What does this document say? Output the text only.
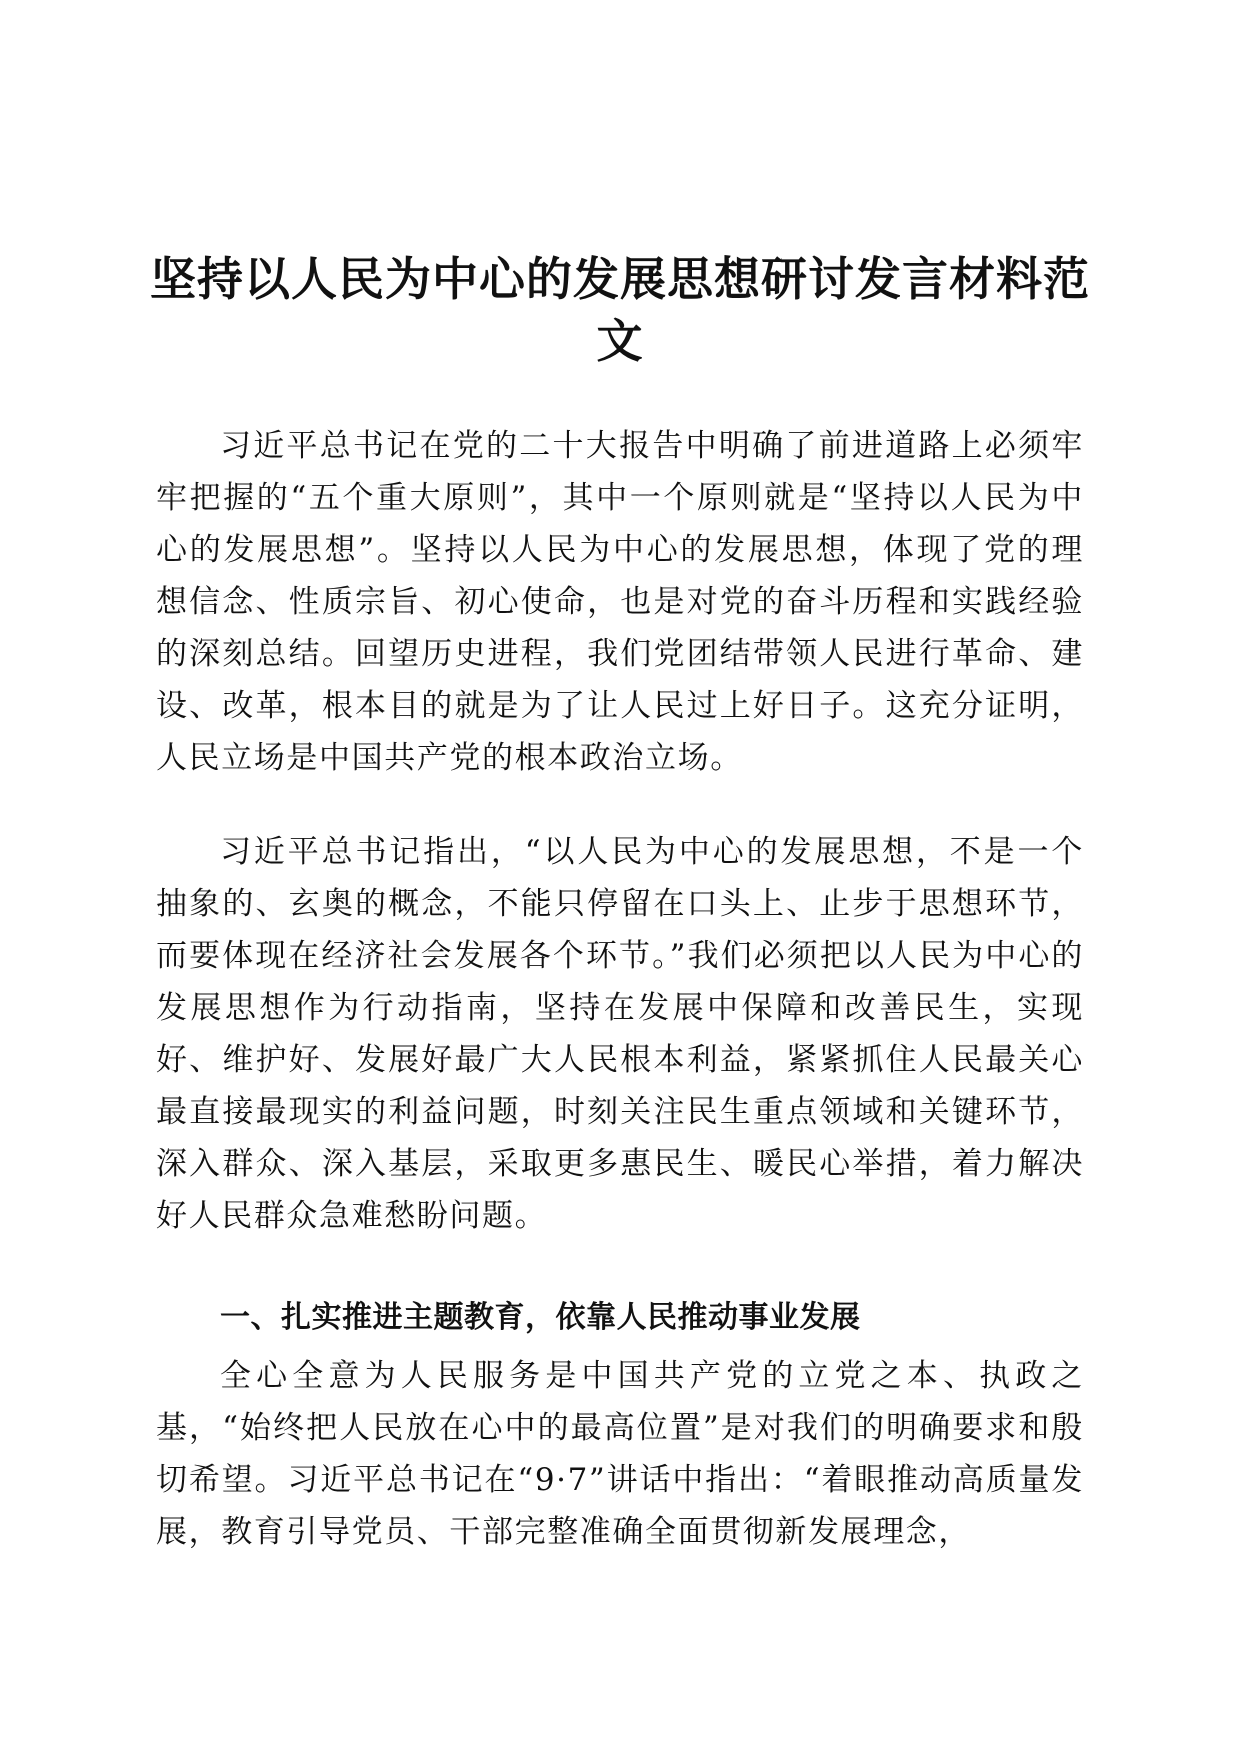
坚持以人民为中心的发展思想研讨发言材料范文

习近平总书记在党的二十大报告中明确了前进道路上必须牢牢把握的“五个重大原则”，其中一个原则就是“坚持以人民为中心的发展思想”。坚持以人民为中心的发展思想，体现了党的理想信念、性质宗旨、初心使命，也是对党的奋斗历程和实践经验的深刻总结。回望历史进程，我们党团结带领人民进行革命、建设、改革，根本目的就是为了让人民过上好日子。这充分证明，人民立场是中国共产党的根本政治立场。

习近平总书记指出，“以人民为中心的发展思想，不是一个抽象的、玄奥的概念，不能只停留在口头上、止步于思想环节，而要体现在经济社会发展各个环节。”我们必须把以人民为中心的发展思想作为行动指南，坚持在发展中保障和改善民生，实现好、维护好、发展好最广大人民根本利益，紧紧抓住人民最关心最直接最现实的利益问题，时刻关注民生重点领域和关键环节，深入群众、深入基层，采取更多惠民生、暖民心举措，着力解决好人民群众急难愁盼问题。

一、扎实推进主题教育，依靠人民推动事业发展

全心全意为人民服务是中国共产党的立党之本、执政之基，“始终把人民放在心中的最高位置”是对我们的明确要求和殷切希望。习近平总书记在“9·7”讲话中指出：“着眼推动高质量发展，教育引导党员、干部完整准确全面贯彻新发展理念，
